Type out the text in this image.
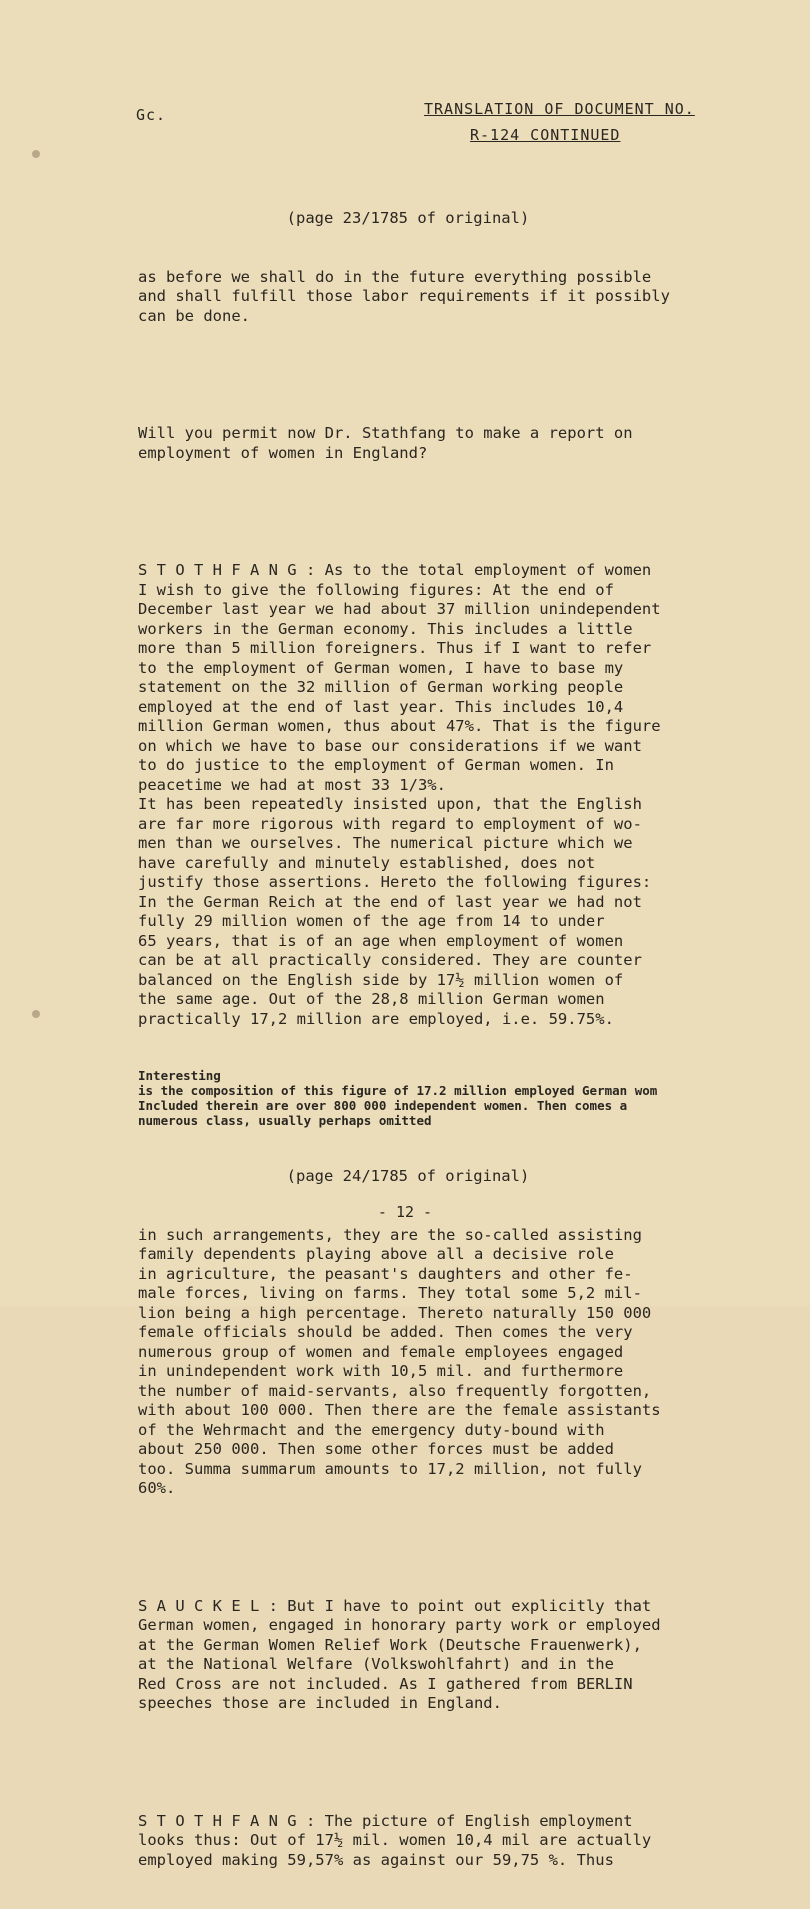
Gc.	TRANSLATION OF DOCUMENT NO.
R-124 CONTINUED

(page 23/1785 of original)

as before we shall do in the future everything possible
and shall fulfill those labor requirements if it possibly
can be done.

Will you permit now Dr. Stathfang to make a report on
employment of women in England?

S T O T H F A N G : As to the total employment of women
I wish to give the following figures: At the end of
December last year we had about 37 million unindependent
workers in the German economy. This includes a little
more than 5 million foreigners. Thus if I want to refer
to the employment of German women, I have to base my
statement on the 32 million of German working people
employed at the end of last year. This includes 10,4
million German women, thus about 47%. That is the figure
on which we have to base our considerations if we want
to do justice to the employment of German women. In
peacetime we had at most 33 1/3%.
It has been repeatedly insisted upon, that the English
are far more rigorous with regard to employment of wo-
men than we ourselves. The numerical picture which we
have carefully and minutely established, does not
justify those assertions. Hereto the following figures:
In the German Reich at the end of last year we had not
fully 29 million women of the age from 14 to under
65 years, that is of an age when employment of women
can be at all practically considered. They are counter
balanced on the English side by 17½ million women of
the same age. Out of the 28,8 million German women
practically 17,2 million are employed, i.e. 59.75%.

Interesting
is the composition of this figure of 17.2 million employed German wom
Included therein are over 800 000 independent women. Then comes a
numerous class, usually perhaps omitted

(page 24/1785 of original)

in such arrangements, they are the so-called assisting
family dependents playing above all a decisive role
in agriculture, the peasant's daughters and other fe-
male forces, living on farms. They total some 5,2 mil-
lion being a high percentage. Thereto naturally 150 000
female officials should be added. Then comes the very
numerous group of women and female employees engaged
in unindependent work with 10,5 mil. and furthermore
the number of maid-servants, also frequently forgotten,
with about 100 000. Then there are the female assistants
of the Wehrmacht and the emergency duty-bound with
about 250 000. Then some other forces must be added
too. Summa summarum amounts to 17,2 million, not fully
60%.

S A U C K E L : But I have to point out explicitly that
German women, engaged in honorary party work or employed
at the German Women Relief Work (Deutsche Frauenwerk),
at the National Welfare (Volkswohlfahrt) and in the
Red Cross are not included. As I gathered from BERLIN
speeches those are included in England.

S T O T H F A N G : The picture of English employment
looks thus: Out of 17½ mil. women 10,4 mil are actually
employed making 59,57% as against our 59,75 %. Thus

- 12 -
